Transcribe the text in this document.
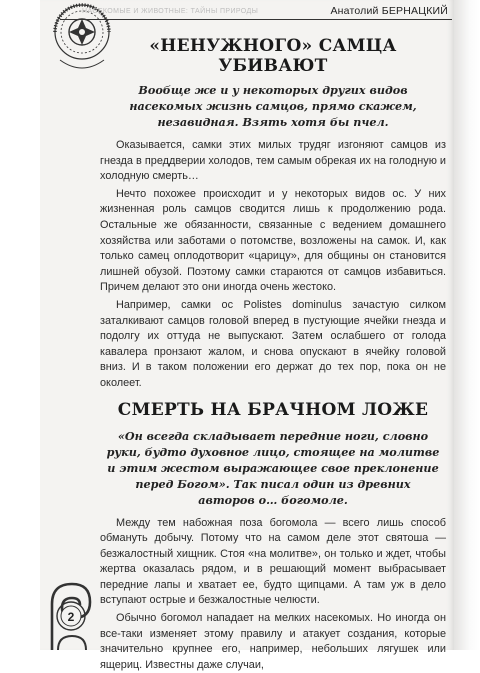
НАСЕКОМЫЕ И ЖИВОТНЫЕ: ТАЙНЫ ПРИРОДЫ	Анатолий БЕРНАЦКИЙ
«НЕНУЖНОГО» САМЦА УБИВАЮТ

Вообще же и у некоторых других видов насекомых жизнь самцов, прямо скажем, незавидная. Взять хотя бы пчел.

Оказывается, самки этих милых трудяг изгоняют самцов из гнезда в преддверии холодов, тем самым обрекая их на голодную и холодную смерть…

Нечто похожее происходит и у некоторых видов ос. У них жизненная роль самцов сводится лишь к продолжению рода. Остальные же обязанности, связанные с ведением домашнего хозяйства или заботами о потомстве, возложены на самок. И, как только самец оплодотворит «царицу», для общины он становится лишней обузой. Поэтому самки стараются от самцов избавиться. Причем делают это они иногда очень жестоко.

Например, самки ос Polistes dominulus зачастую силком заталкивают самцов головой вперед в пустующие ячейки гнезда и подолгу их оттуда не выпускают. Затем ослабшего от голода кавалера пронзают жалом, и снова опускают в ячейку головой вниз. И в таком положении его держат до тех пор, пока он не околеет.

СМЕРТЬ НА БРАЧНОМ ЛОЖЕ

«Он всегда складывает передние ноги, словно руки, будто духовное лицо, стоящее на молитве и этим жестом выражающее свое преклонение перед Богом». Так писал один из древних авторов о… богомоле.

Между тем набожная поза богомола — всего лишь способ обмануть добычу. Потому что на самом деле этот святоша — безжалостный хищник. Стоя «на молитве», он только и ждет, чтобы жертва оказалась рядом, и в решающий момент выбрасывает передние лапы и хватает ее, будто щипцами. А там уж в дело вступают острые и безжалостные челюсти.

Обычно богомол нападает на мелких насекомых. Но иногда он все-таки изменяет этому правилу и атакует создания, которые значительно крупнее его, например, небольших лягушек или ящериц. Известны даже случаи,

2
